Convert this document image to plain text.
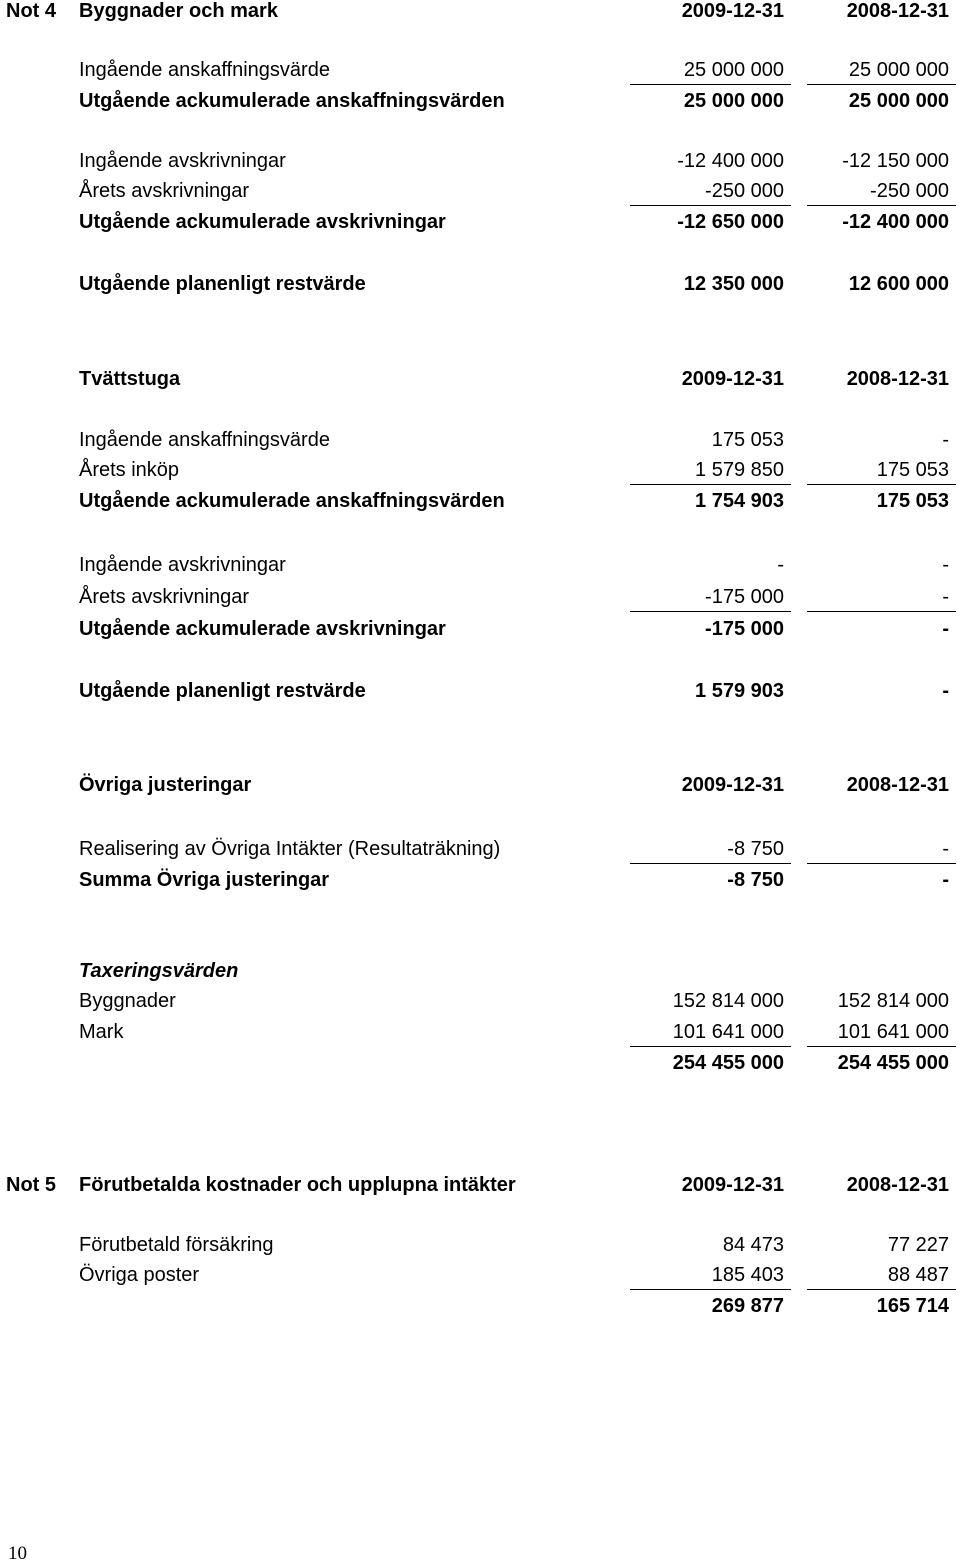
Not 4 Byggnader och mark	2009-12-31	2008-12-31
Ingående anskaffningsvärde	25 000 000	25 000 000
Utgående ackumulerade anskaffningsvärden	25 000 000	25 000 000
Ingående avskrivningar	-12 400 000	-12 150 000
Årets avskrivningar	-250 000	-250 000
Utgående ackumulerade avskrivningar	-12 650 000	-12 400 000
Utgående planenligt restvärde	12 350 000	12 600 000
Tvättstuga	2009-12-31	2008-12-31
Ingående anskaffningsvärde	175 053	-
Årets inköp	1 579 850	175 053
Utgående ackumulerade anskaffningsvärden	1 754 903	175 053
Ingående avskrivningar	-	-
Årets avskrivningar	-175 000	-
Utgående ackumulerade avskrivningar	-175 000	-
Utgående planenligt restvärde	1 579 903	-
Övriga justeringar	2009-12-31	2008-12-31
Realisering av Övriga Intäkter (Resultaträkning)	-8 750	-
Summa Övriga justeringar	-8 750	-
Taxeringsvärden
Byggnader	152 814 000	152 814 000
Mark	101 641 000	101 641 000
254 455 000	254 455 000
Not 5 Förutbetalda kostnader och upplupna intäkter	2009-12-31	2008-12-31
Förutbetald försäkring	84 473	77 227
Övriga poster	185 403	88 487
269 877	165 714
10
